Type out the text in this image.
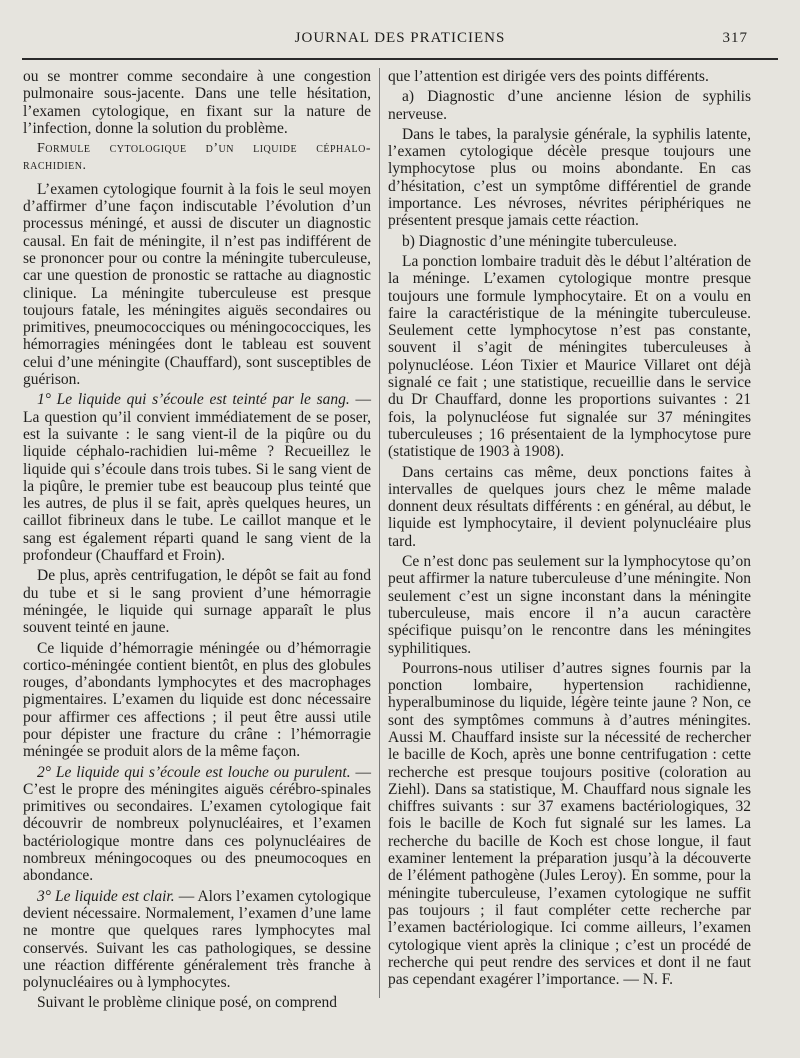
JOURNAL DES PRATICIENS	317

ou se montrer comme secondaire à une congestion pulmonaire sous-jacente. Dans une telle hésitation, l’examen cytologique, en fixant sur la nature de l’infection, donne la solution du problème.

Formule cytologique d’un liquide céphalo-rachidien.

L’examen cytologique fournit à la fois le seul moyen d’affirmer d’une façon indiscutable l’évolution d’un processus méningé, et aussi de discuter un diagnostic causal. En fait de méningite, il n’est pas indifférent de se prononcer pour ou contre la méningite tuberculeuse, car une question de pronostic se rattache au diagnostic clinique. La méningite tuberculeuse est presque toujours fatale, les méningites aiguës secondaires ou primitives, pneumococciques ou méningococciques, les hémorragies méningées dont le tableau est souvent celui d’une méningite (Chauffard), sont susceptibles de guérison.

1° Le liquide qui s’écoule est teinté par le sang. — La question qu’il convient immédiatement de se poser, est la suivante : le sang vient-il de la piqûre ou du liquide céphalo-rachidien lui-même ? Recueillez le liquide qui s’écoule dans trois tubes. Si le sang vient de la piqûre, le premier tube est beaucoup plus teinté que les autres, de plus il se fait, après quelques heures, un caillot fibrineux dans le tube. Le caillot manque et le sang est également réparti quand le sang vient de la profondeur (Chauffard et Froin).

De plus, après centrifugation, le dépôt se fait au fond du tube et si le sang provient d’une hémorragie méningée, le liquide qui surnage apparaît le plus souvent teinté en jaune.

Ce liquide d’hémorragie méningée ou d’hémorragie cortico-méningée contient bientôt, en plus des globules rouges, d’abondants lymphocytes et des macrophages pigmentaires. L’examen du liquide est donc nécessaire pour affirmer ces affections ; il peut être aussi utile pour dépister une fracture du crâne : l’hémorragie méningée se produit alors de la même façon.

2° Le liquide qui s’écoule est louche ou purulent. — C’est le propre des méningites aiguës cérébro-spinales primitives ou secondaires. L’examen cytologique fait découvrir de nombreux polynucléaires, et l’examen bactériologique montre dans ces polynucléaires de nombreux méningocoques ou des pneumocoques en abondance.

3° Le liquide est clair. — Alors l’examen cytologique devient nécessaire. Normalement, l’examen d’une lame ne montre que quelques rares lymphocytes mal conservés. Suivant les cas pathologiques, se dessine une réaction différente généralement très franche à polynucléaires ou à lymphocytes.

Suivant le problème clinique posé, on comprend

que l’attention est dirigée vers des points différents.

a) Diagnostic d’une ancienne lésion de syphilis nerveuse.

Dans le tabes, la paralysie générale, la syphilis latente, l’examen cytologique décèle presque toujours une lymphocytose plus ou moins abondante. En cas d’hésitation, c’est un symptôme différentiel de grande importance. Les névroses, névrites périphériques ne présentent presque jamais cette réaction.

b) Diagnostic d’une méningite tuberculeuse.

La ponction lombaire traduit dès le début l’altération de la méninge. L’examen cytologique montre presque toujours une formule lymphocytaire. Et on a voulu en faire la caractéristique de la méningite tuberculeuse. Seulement cette lymphocytose n’est pas constante, souvent il s’agit de méningites tuberculeuses à polynucléose. Léon Tixier et Maurice Villaret ont déjà signalé ce fait ; une statistique, recueillie dans le service du Dr Chauffard, donne les proportions suivantes : 21 fois, la polynucléose fut signalée sur 37 méningites tuberculeuses ; 16 présentaient de la lymphocytose pure (statistique de 1903 à 1908).

Dans certains cas même, deux ponctions faites à intervalles de quelques jours chez le même malade donnent deux résultats différents : en général, au début, le liquide est lymphocytaire, il devient polynucléaire plus tard.

Ce n’est donc pas seulement sur la lymphocytose qu’on peut affirmer la nature tuberculeuse d’une méningite. Non seulement c’est un signe inconstant dans la méningite tuberculeuse, mais encore il n’a aucun caractère spécifique puisqu’on le rencontre dans les méningites syphilitiques.

Pourrons-nous utiliser d’autres signes fournis par la ponction lombaire, hypertension rachidienne, hyperalbuminose du liquide, légère teinte jaune ? Non, ce sont des symptômes communs à d’autres méningites. Aussi M. Chauffard insiste sur la nécessité de rechercher le bacille de Koch, après une bonne centrifugation : cette recherche est presque toujours positive (coloration au Ziehl). Dans sa statistique, M. Chauffard nous signale les chiffres suivants : sur 37 examens bactériologiques, 32 fois le bacille de Koch fut signalé sur les lames. La recherche du bacille de Koch est chose longue, il faut examiner lentement la préparation jusqu’à la découverte de l’élément pathogène (Jules Leroy). En somme, pour la méningite tuberculeuse, l’examen cytologique ne suffit pas toujours ; il faut compléter cette recherche par l’examen bactériologique. Ici comme ailleurs, l’examen cytologique vient après la clinique ; c’est un procédé de recherche qui peut rendre des services et dont il ne faut pas cependant exagérer l’importance. — N. F.
